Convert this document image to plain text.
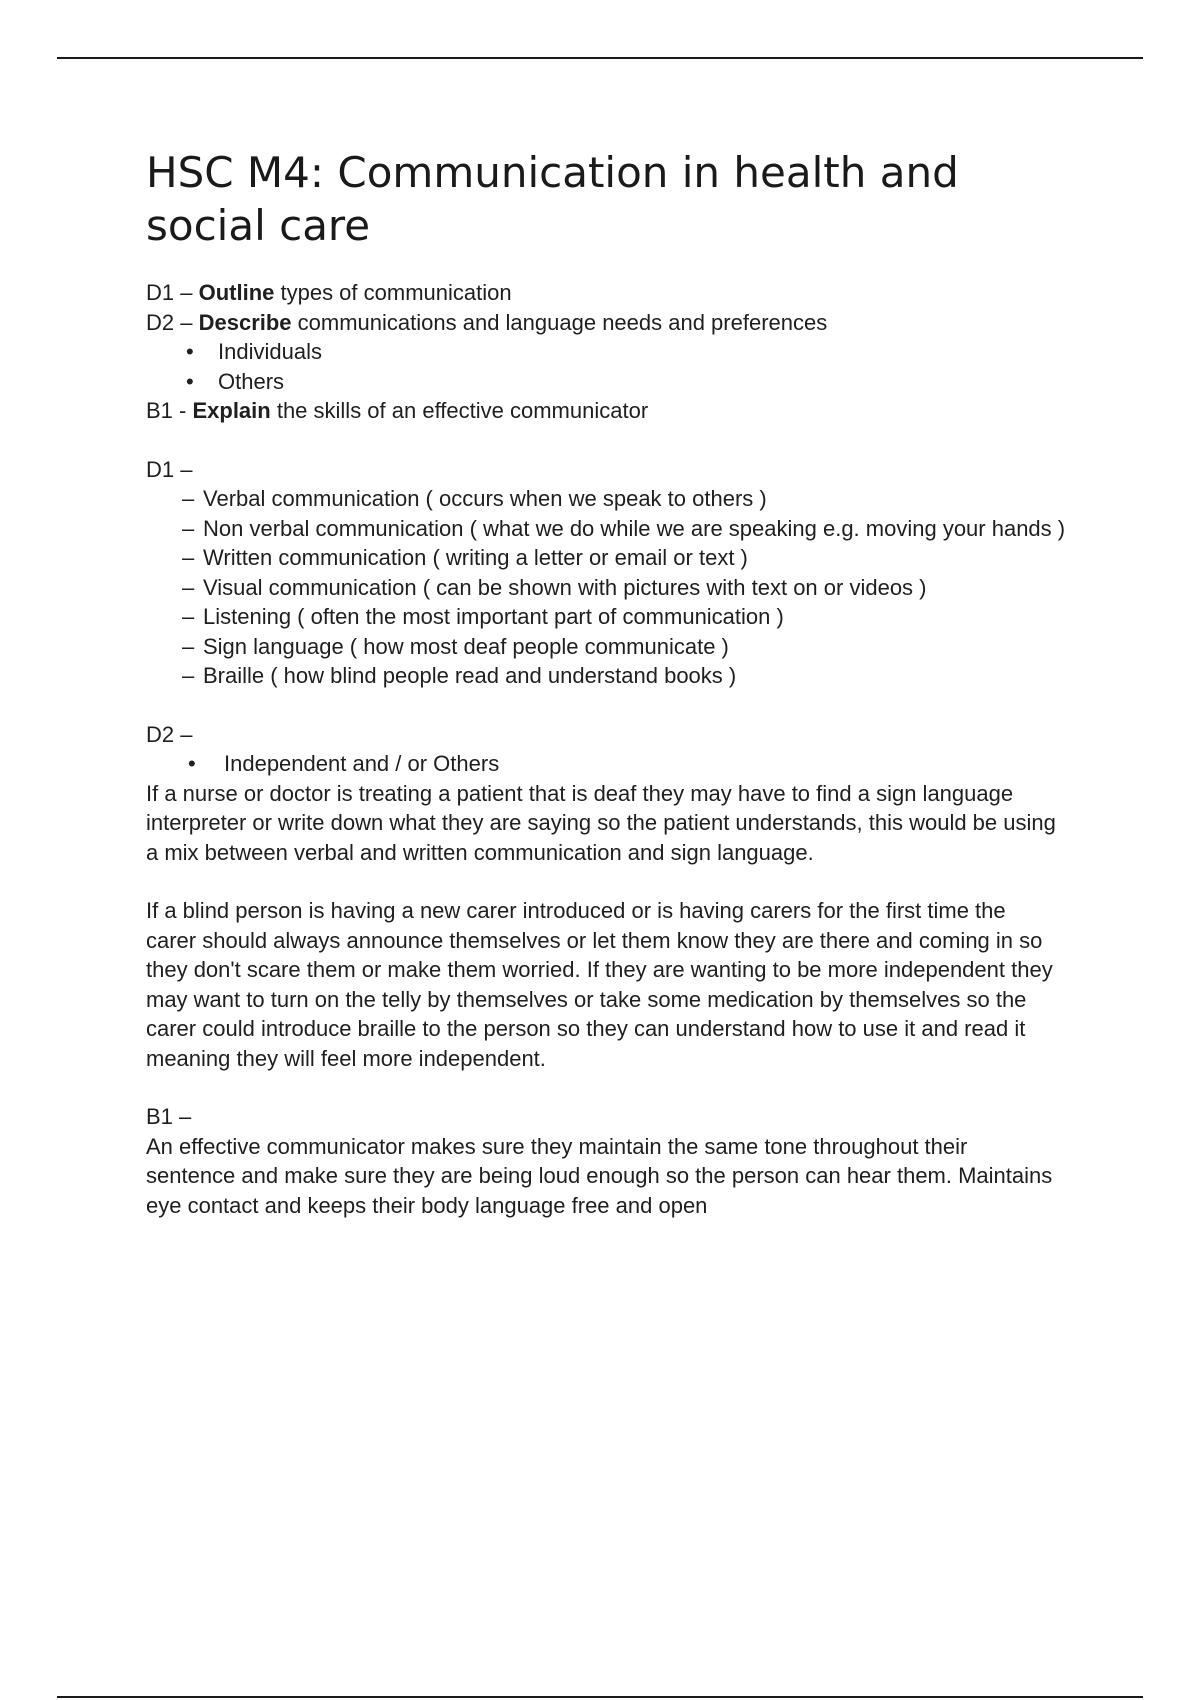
HSC M4: Communication in health and social care

D1 – Outline types of communication

D2 – Describe communications and language needs and preferences

• Individuals
• Others

B1 - Explain the skills of an effective communicator

D1 –

– Verbal communication ( occurs when we speak to others )
– Non verbal communication ( what we do while we are speaking e.g. moving your hands )
– Written communication ( writing a letter or email or text )
– Visual communication ( can be shown with pictures with text on or videos )
– Listening ( often the most important part of communication )
– Sign language ( how most deaf people communicate )
– Braille ( how blind people read and understand books )

D2 –

• Independent and / or Others

If a nurse or doctor is treating a patient that is deaf they may have to find a sign language interpreter or write down what they are saying so the patient understands, this would be using a mix between verbal and written communication and sign language.

If a blind person is having a new carer introduced or is having carers for the first time the carer should always announce themselves or let them know they are there and coming in so they don't scare them or make them worried. If they are wanting to be more independent they may want to turn on the telly by themselves or take some medication by themselves so the carer could introduce braille to the person so they can understand how to use it and read it meaning they will feel more independent.

B1 –

An effective communicator makes sure they maintain the same tone throughout their sentence and make sure they are being loud enough so the person can hear them. Maintains eye contact and keeps their body language free and open
